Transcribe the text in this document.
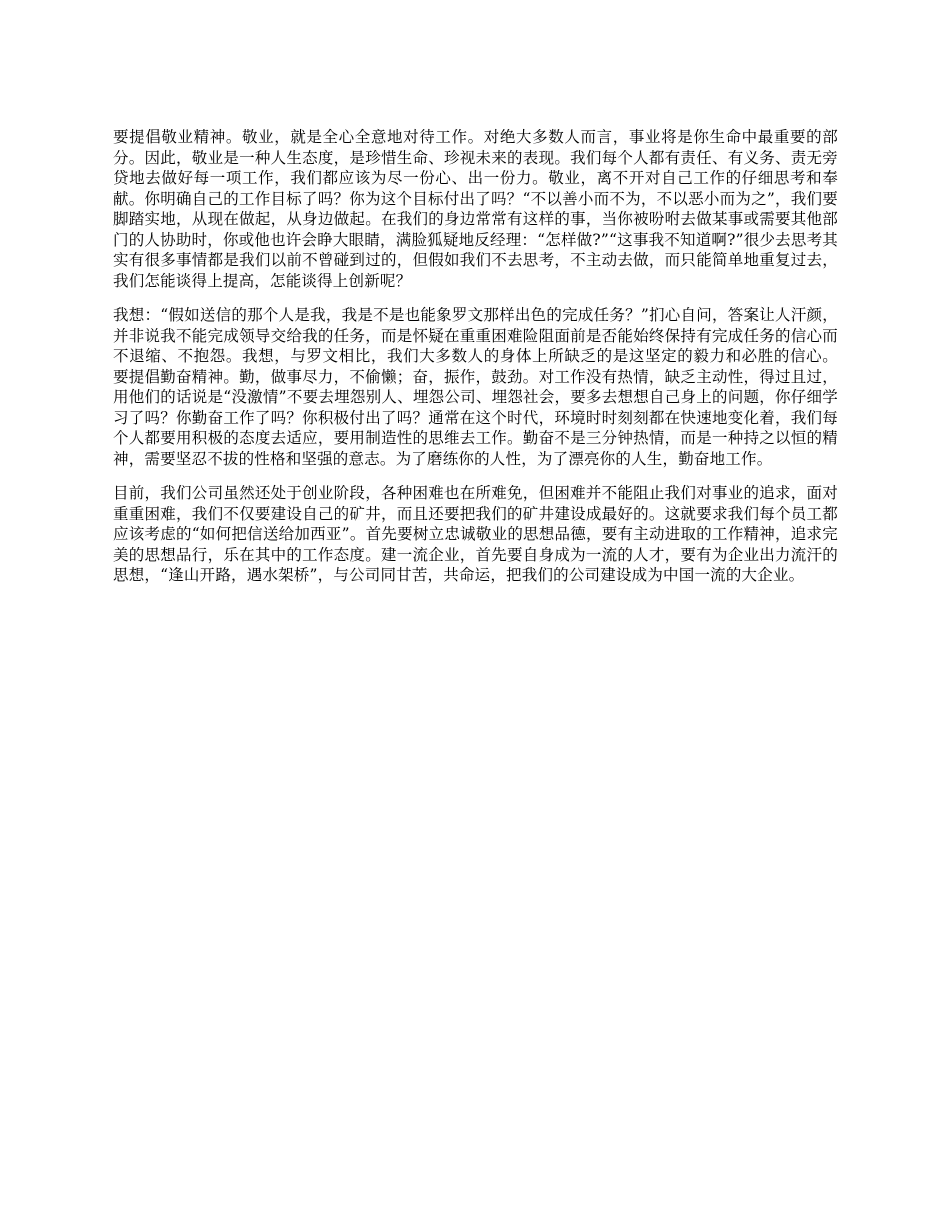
要提倡敬业精神。敬业，就是全心全意地对待工作。对绝大多数人而言，事业将是你生命中最重要的部分。因此，敬业是一种人生态度，是珍惜生命、珍视未来的表现。我们每个人都有责任、有义务、责无旁贷地去做好每一项工作，我们都应该为尽一份心、出一份力。敬业，离不开对自己工作的仔细思考和奉献。你明确自己的工作目标了吗？你为这个目标付出了吗？“不以善小而不为，不以恶小而为之”，我们要脚踏实地，从现在做起，从身边做起。在我们的身边常常有这样的事，当你被吩咐去做某事或需要其他部门的人协助时，你或他也许会睁大眼睛，满脸狐疑地反经理：“怎样做?”“这事我不知道啊?”很少去思考其实有很多事情都是我们以前不曾碰到过的，但假如我们不去思考，不主动去做，而只能简单地重复过去，我们怎能谈得上提高，怎能谈得上创新呢？

我想：“假如送信的那个人是我，我是不是也能象罗文那样出色的完成任务？”扪心自问，答案让人汗颜，并非说我不能完成领导交给我的任务，而是怀疑在重重困难险阻面前是否能始终保持有完成任务的信心而不退缩、不抱怨。我想，与罗文相比，我们大多数人的身体上所缺乏的是这坚定的毅力和必胜的信心。 要提倡勤奋精神。勤，做事尽力，不偷懒；奋，振作，鼓劲。对工作没有热情，缺乏主动性，得过且过，用他们的话说是“没激情”不要去埋怨别人、埋怨公司、埋怨社会，要多去想想自己身上的问题，你仔细学习了吗？你勤奋工作了吗？你积极付出了吗？通常在这个时代，环境时时刻刻都在快速地变化着，我们每个人都要用积极的态度去适应，要用制造性的思维去工作。勤奋不是三分钟热情，而是一种持之以恒的精神，需要坚忍不拔的性格和坚强的意志。为了磨练你的人性，为了漂亮你的人生，勤奋地工作。

目前，我们公司虽然还处于创业阶段，各种困难也在所难免，但困难并不能阻止我们对事业的追求，面对重重困难，我们不仅要建设自己的矿井，而且还要把我们的矿井建设成最好的。这就要求我们每个员工都应该考虑的“如何把信送给加西亚”。首先要树立忠诚敬业的思想品德，要有主动进取的工作精神，追求完美的思想品行，乐在其中的工作态度。建一流企业，首先要自身成为一流的人才，要有为企业出力流汗的思想，“逢山开路，遇水架桥”，与公司同甘苦，共命运，把我们的公司建设成为中国一流的大企业。
